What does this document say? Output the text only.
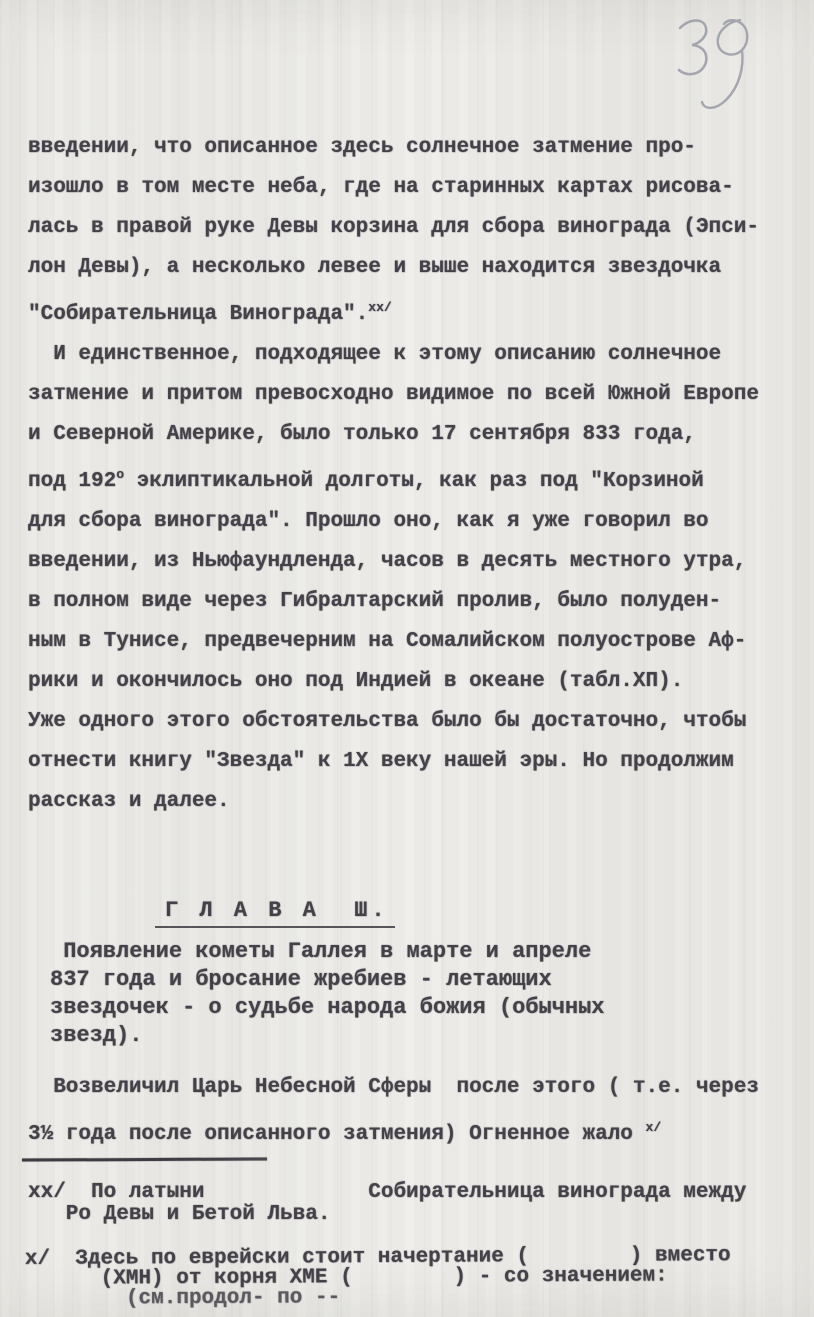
введении, что описанное здесь солнечное затмение про-
изошло в том месте неба, где на старинных картах рисова-
лась в правой руке Девы корзина для сбора винограда (Эпси-
лон Девы), а несколько левее и выше находится звездочка
"Собирательница Винограда".$^{хх/}$
И единственное, подходящее к этому описанию солнечное
затмение и притом превосходно видимое по всей Южной Европе
и Северной Америке, было только 17 сентября 833 года,
под $192^о$ эклиптикальной долготы, как раз под "Корзиной
для сбора винограда". Прошло оно, как я уже говорил во
введении, из Ньюфаундленда, часов в десять местного утра,
в полном виде через Гибралтарский пролив, было полуден-
ным в Тунисе, предвечерним на Сомалийском полуострове Аф-
рики и окончилось оно под Индией в океане (табл.ХП).
Уже одного этого обстоятельства было бы достаточно, чтобы
отнести книгу "Звезда" к 1Х веку нашей эры. Но продолжим
рассказ и далее.
Г Л А В А  Ш.
Появление кометы Галлея в марте и апреле
837 года и бросание жребиев - летающих
звездочек - о судьбе народа божия (обычных
звезд).
Возвеличил Царь Небесной Сферы  после этого ( т.е. через
3½ года после описанного затмения) Огненное жало $^{х/}$
хх/  По латыни             Собирательница винограда между
Ро Девы и Бетой Льва.
х/  Здесь по еврейски стоит начертание (        ) вместо
(ХМН) от корня ХМЕ (        ) - со значением:
(см.продол- по --
